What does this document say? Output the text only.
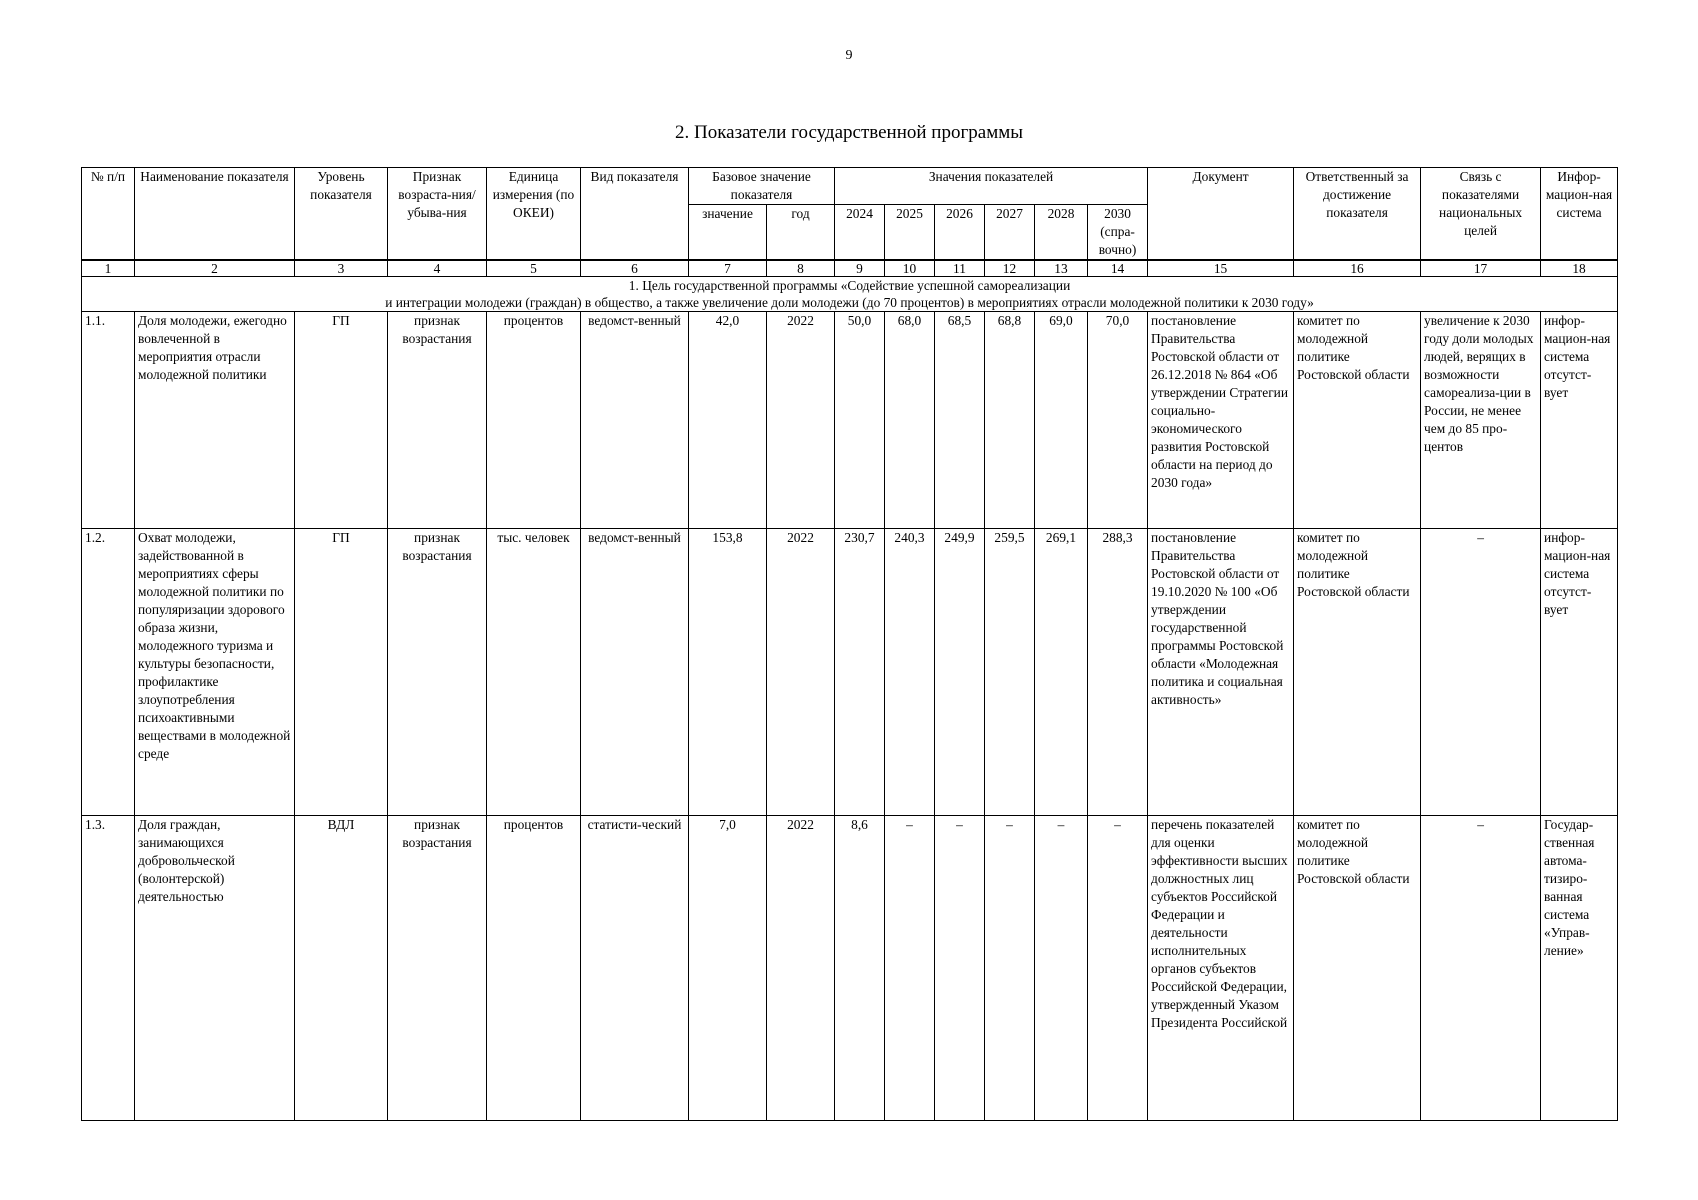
9
2. Показатели государственной программы
№ п/п	Наименование показателя	Уровень показателя	Признак возраста-ния/убыва-ния	Единица измерения (по ОКЕИ)	Вид показателя	Базовое значение показателя		Значения показателей						Документ	Ответственный за достижение показателя	Связь с показателями национальных целей	Инфор-мацион-ная система
						значение	год	2024	2025	2026	2027	2028	2030 (спра-вочно)				
1	2	3	4	5	6	7	8	9	10	11	12	13	14	15	16	17	18

1. Цель государственной программы «Содействие успешной самореализации
и интеграции молодежи (граждан) в общество, а также увеличение доли молодежи (до 70 процентов) в мероприятиях отрасли молодежной политики к 2030 году»																	

1.1.	Доля молодежи, ежегодно вовлеченной в мероприятия отрасли молодежной политики	ГП	признак возрастания	процентов	ведомст-венный	42,0	2022	50,0	68,0	68,5	68,8	69,0	70,0	постановление Правительства Ростовской области от 26.12.2018 № 864 «Об утверждении Стратегии социально-экономического развития Ростовской области на период до 2030 года»	комитет по молодежной политике Ростовской области	увеличение к 2030 году доли молодых людей, верящих в возможности самореализа-ции в России, не менее чем до 85 про-центов	инфор-мацион-ная система отсутст-вует
1.2.	Охват молодежи, задействованной в мероприятиях сферы молодежной политики по популяризации здорового образа жизни, молодежного туризма и культуры безопасности, профилактике злоупотребления психоактивными веществами в молодежной среде	ГП	признак возрастания	тыс. человек	ведомст-венный	153,8	2022	230,7	240,3	249,9	259,5	269,1	288,3	постановление Правительства Ростовской области от 19.10.2020 № 100 «Об утверждении государственной программы Ростовской области «Молодежная политика и социальная активность»	комитет по молодежной политике Ростовской области	–	инфор-мацион-ная система отсутст-вует
1.3.	Доля граждан, занимающихся добровольческой (волонтерской) деятельностью	ВДЛ	признак возрастания	процентов	статисти-ческий	7,0	2022	8,6	–	–	–	–	–	перечень показателей для оценки эффективности высших должностных лиц субъектов Российской Федерации и деятельности исполнительных органов субъектов Российской Федерации, утвержденный Указом Президента Российской	комитет по молодежной политике Ростовской области	–	Государ-ственная автома-тизиро-ванная система «Управ-ление»
